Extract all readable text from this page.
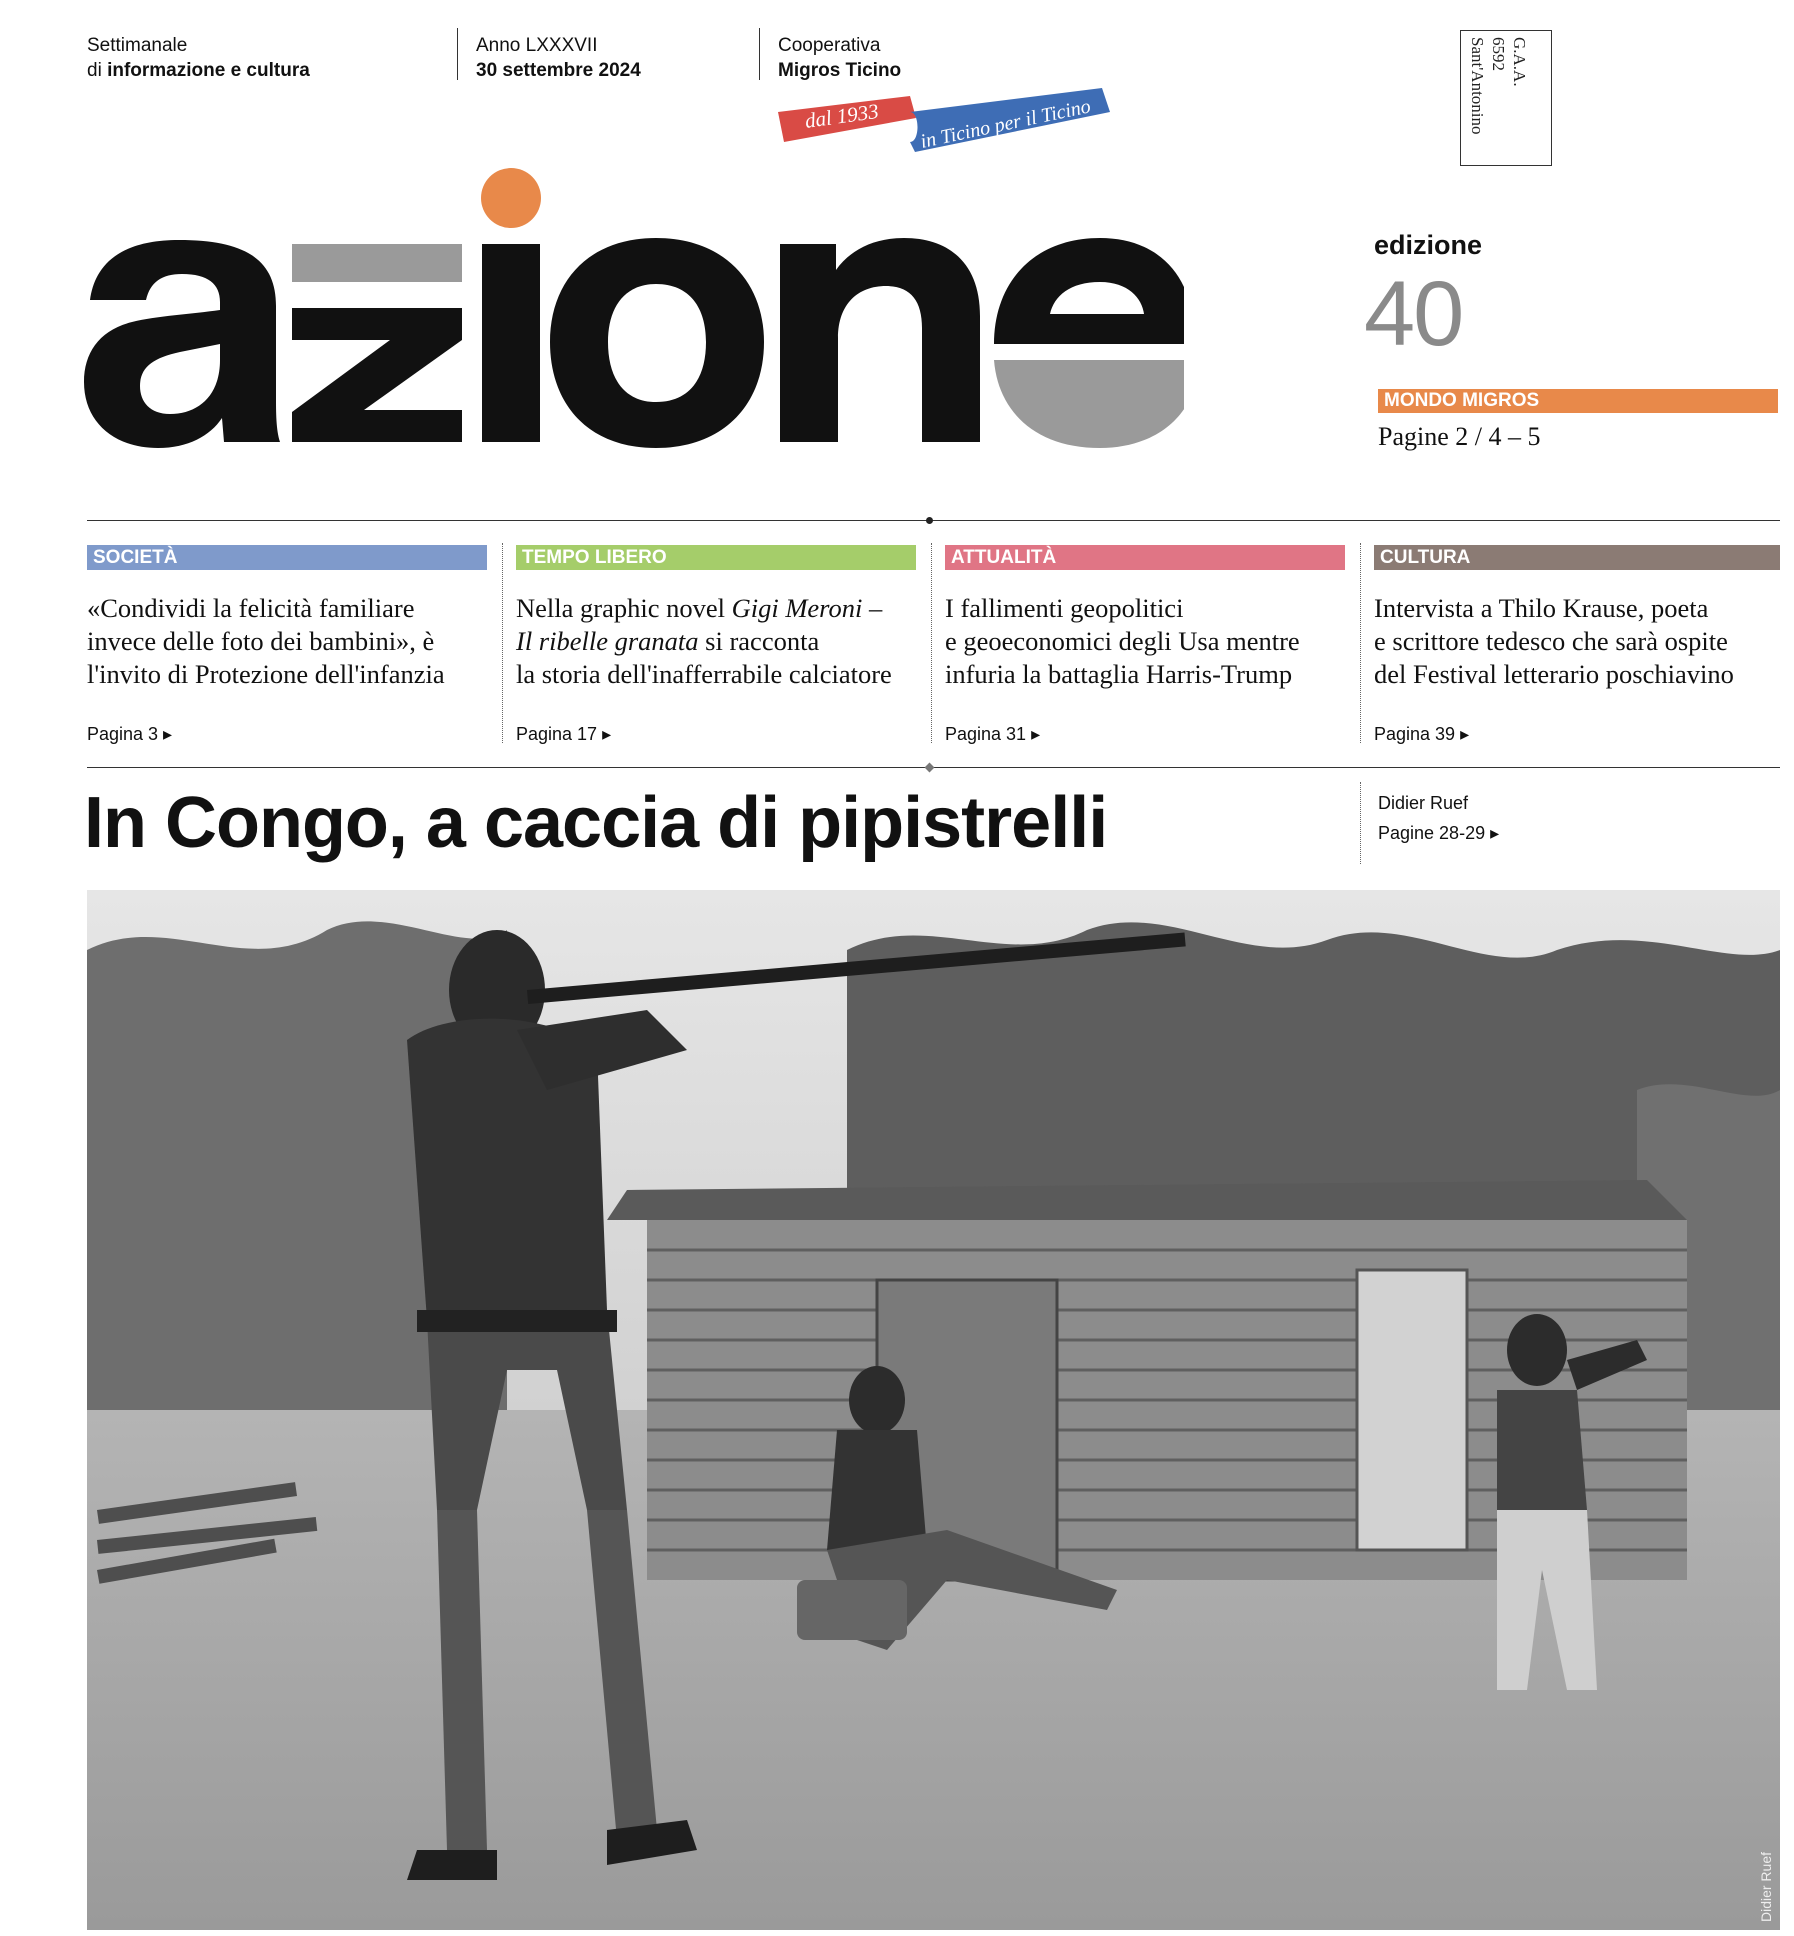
Settimanale
di informazione e cultura
Anno LXXXVII
30 settembre 2024
Cooperativa
Migros Ticino
dal 1933 in Ticino per il Ticino
G.A.A.
6592
Sant'Antonino
edizione
40
MONDO MIGROS
Pagine 2 / 4 – 5
SOCIETÀ
«Condividi la felicità familiare
invece delle foto dei bambini», è
l'invito di Protezione dell'infanzia
Pagina 3 ▸
TEMPO LIBERO
Nella graphic novel Gigi Meroni –
Il ribelle granata si racconta
la storia dell'inafferrabile calciatore
Pagina 17 ▸
ATTUALITÀ
I fallimenti geopolitici
e geoeconomici degli Usa mentre
infuria la battaglia Harris-Trump
Pagina 31 ▸
CULTURA
Intervista a Thilo Krause, poeta
e scrittore tedesco che sarà ospite
del Festival letterario poschiavino
Pagina 39 ▸
In Congo, a caccia di pipistrelli	Didier Ruef
Pagine 28-29 ▸
Didier Ruef
